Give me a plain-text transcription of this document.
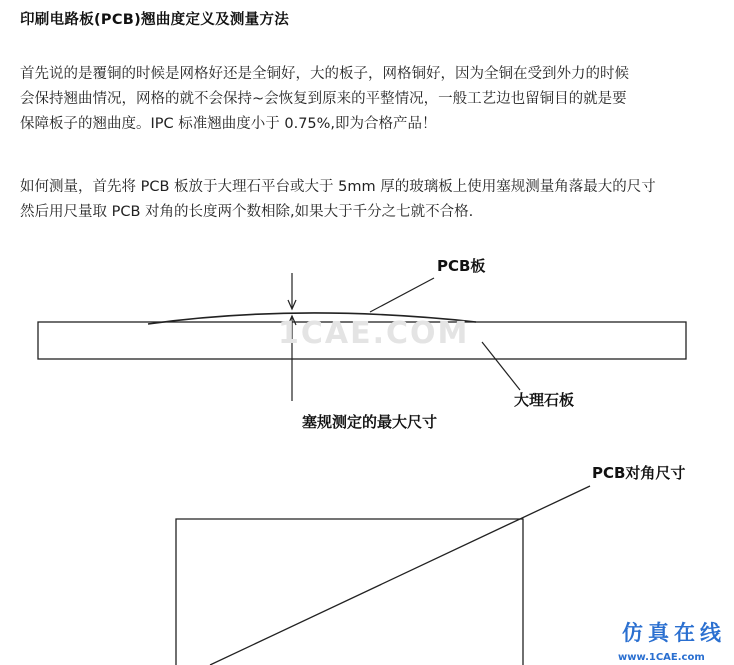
印刷电路板(PCB)翘曲度定义及测量方法

首先说的是覆铜的时候是网格好还是全铜好，大的板子，网格铜好，因为全铜在受到外力的时候
会保持翘曲情况，网格的就不会保持~会恢复到原来的平整情况，一般工艺边也留铜目的就是要
保障板子的翘曲度。IPC 标准翘曲度小于 0.75%,即为合格产品！

如何测量，首先将 PCB 板放于大理石平台或大于 5mm 厚的玻璃板上使用塞规测量角落最大的尺寸
然后用尺量取 PCB 对角的长度两个数相除,如果大于千分之七就不合格.

PCB板
大理石板
塞规测定的最大尺寸
1CAE.COM
PCB对角尺寸
仿真在线
www.1CAE.com
